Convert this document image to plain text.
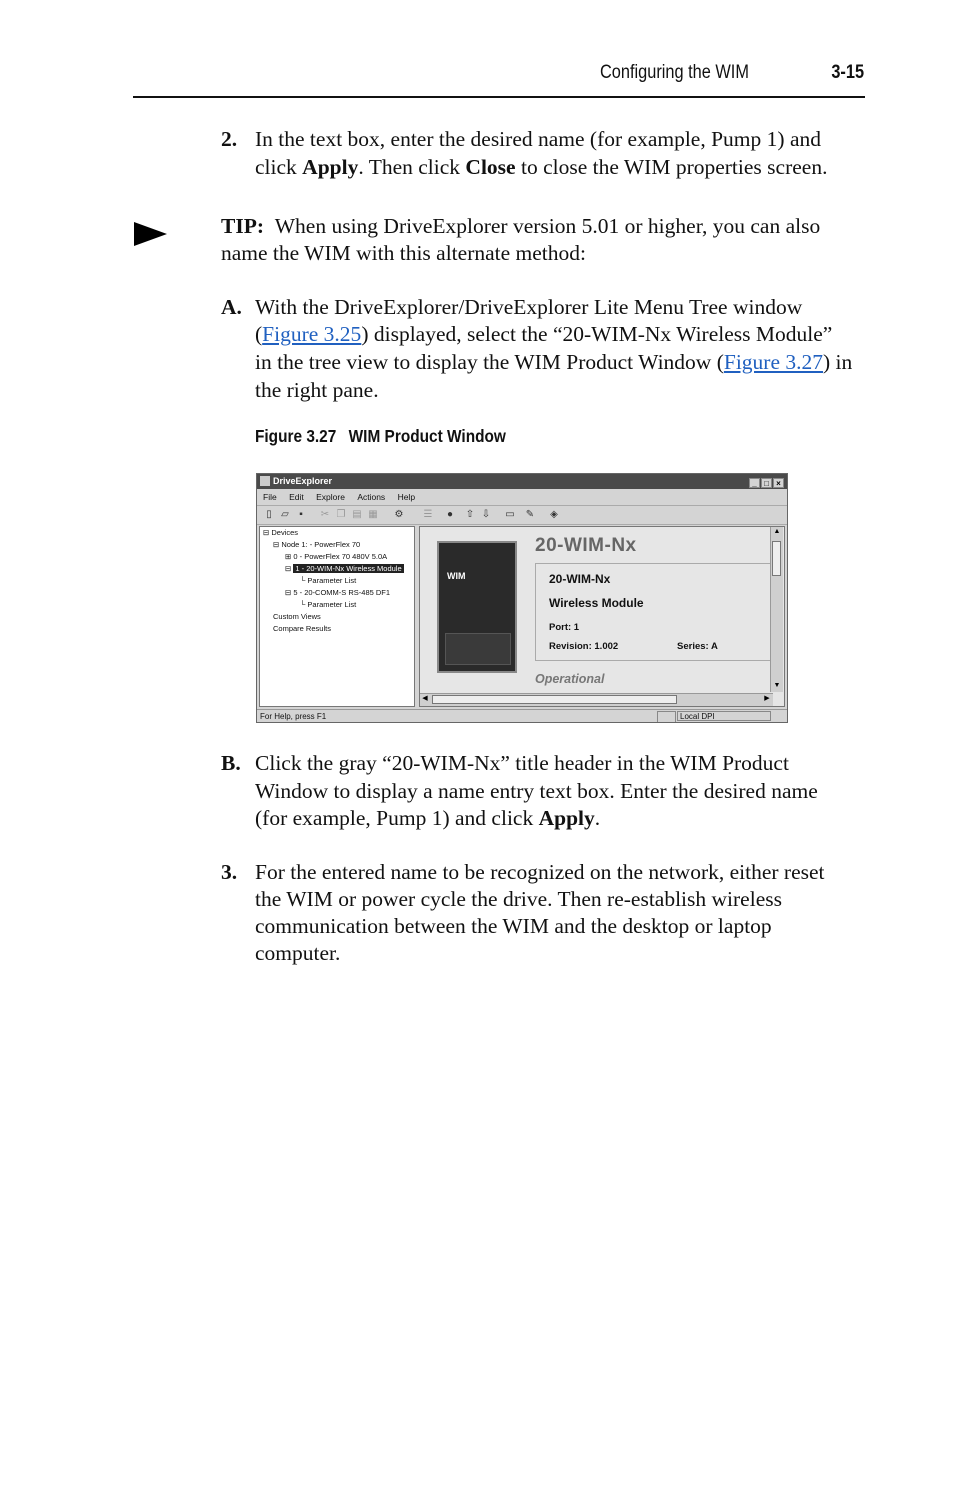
Configuring the WIM	3-15
2. In the text box, enter the desired name (for example, Pump 1) and
click Apply. Then click Close to close the WIM properties screen.
TIP: When using DriveExplorer version 5.01 or higher, you can also
name the WIM with this alternate method:
A. With the DriveExplorer/DriveExplorer Lite Menu Tree window
(Figure 3.25) displayed, select the “20-WIM-Nx Wireless Module”
in the tree view to display the WIM Product Window (Figure 3.27) in
the right pane.
Figure 3.27 WIM Product Window
DriveExplorer	_ □ ×
File Edit Explore Actions Help
▯ ▱	▪	✂ ❐ ▤ ▦ ⚙ ☰ ● ⇧ ⇩ ▭ ✎ ◈
⊟ Devices
⊟ Node 1: - PowerFlex 70
⊞ 0 - PowerFlex 70 480V 5.0A
⊟ 1 - 20-WIM-Nx Wireless Module
└ Parameter List
⊟ 5 - 20-COMM-S RS-485 DF1
└ Parameter List
Custom Views
Compare Results
WIM
20-WIM-Nx
20-WIM-Nx
Wireless Module
Port: 1
Revision: 1.002	Series: A
Operational
▲
▼
◀	▶
For Help, press F1	Local DPI
B. Click the gray “20-WIM-Nx” title header in the WIM Product
Window to display a name entry text box. Enter the desired name
(for example, Pump 1) and click Apply.
3. For the entered name to be recognized on the network, either reset
the WIM or power cycle the drive. Then re-establish wireless
communication between the WIM and the desktop or laptop
computer.
